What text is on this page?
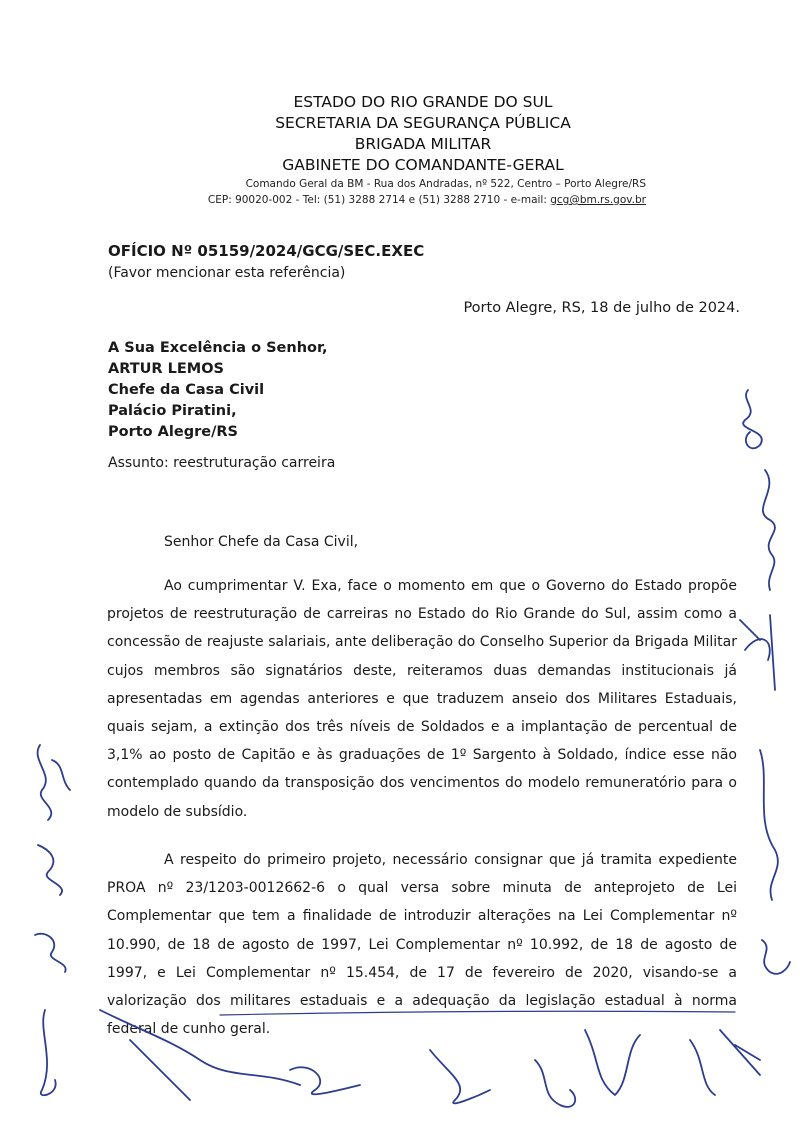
ESTADO DO RIO GRANDE DO SUL
SECRETARIA DA SEGURANÇA PÚBLICA
BRIGADA MILITAR
GABINETE DO COMANDANTE-GERAL
Comando Geral da BM - Rua dos Andradas, nº 522, Centro – Porto Alegre/RS
CEP: 90020-002 - Tel: (51) 3288 2714 e (51) 3288 2710 - e-mail: gcg@bm.rs.gov.br
OFÍCIO Nº 05159/2024/GCG/SEC.EXEC
(Favor mencionar esta referência)
Porto Alegre, RS, 18 de julho de 2024.
A Sua Excelência o Senhor,
ARTUR LEMOS
Chefe da Casa Civil
Palácio Piratini,
Porto Alegre/RS
Assunto: reestruturação carreira
Senhor Chefe da Casa Civil,

Ao cumprimentar V. Exa, face o momento em que o Governo do Estado propõe projetos de reestruturação de carreiras no Estado do Rio Grande do Sul, assim como a concessão de reajuste salariais, ante deliberação do Conselho Superior da Brigada Militar cujos membros são signatários deste, reiteramos duas demandas institucionais já apresentadas em agendas anteriores e que traduzem anseio dos Militares Estaduais, quais sejam, a extinção dos três níveis de Soldados e a implantação de percentual de 3,1% ao posto de Capitão e às graduações de 1º Sargento à Soldado, índice esse não contemplado quando da transposição dos vencimentos do modelo remuneratório para o modelo de subsídio.

A respeito do primeiro projeto, necessário consignar que já tramita expediente PROA nº 23/1203-0012662-6 o qual versa sobre minuta de anteprojeto de Lei Complementar que tem a finalidade de introduzir alterações na Lei Complementar nº 10.990, de 18 de agosto de 1997, Lei Complementar nº 10.992, de 18 de agosto de 1997, e Lei Complementar nº 15.454, de 17 de fevereiro de 2020, visando-se a valorização dos militares estaduais e a adequação da legislação estadual à norma federal de cunho geral.
